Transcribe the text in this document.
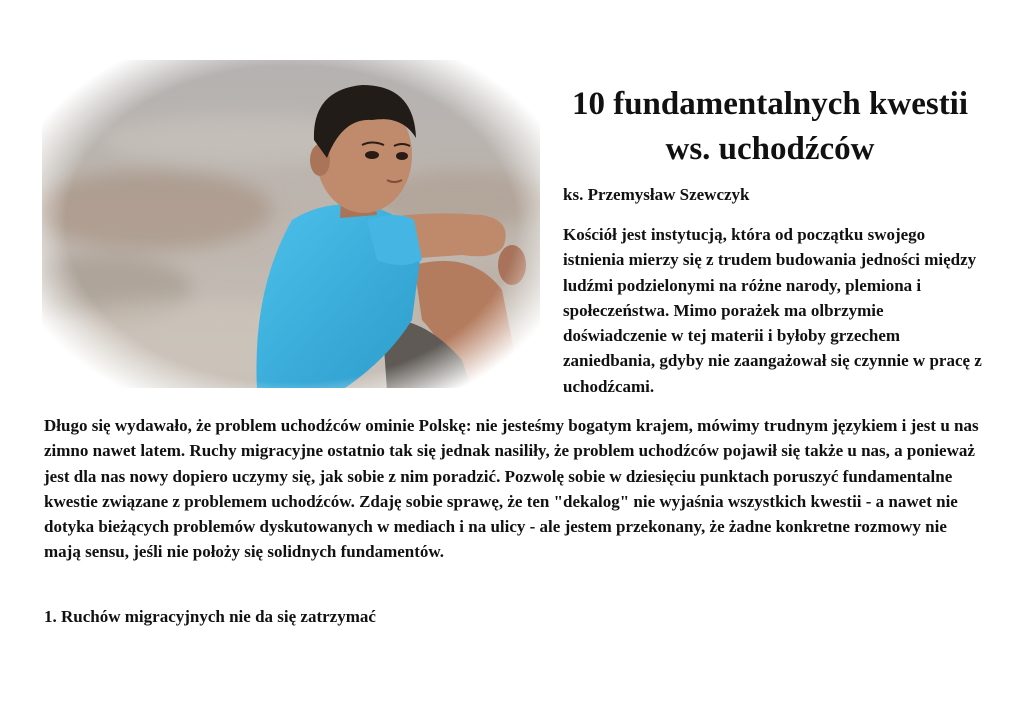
10 fundamentalnych kwestii ws. uchodźców

ks. Przemysław Szewczyk

Kościół jest instytucją, która od początku swojego istnienia mierzy się z trudem budowania jedności między ludźmi podzielonymi na różne narody, plemiona i społeczeństwa. Mimo porażek ma olbrzymie doświadczenie w tej materii i byłoby grzechem zaniedbania, gdyby nie zaangażował się czynnie w pracę z uchodźcami.

Długo się wydawało, że problem uchodźców ominie Polskę: nie jesteśmy bogatym krajem, mówimy trudnym językiem i jest u nas zimno nawet latem. Ruchy migracyjne ostatnio tak się jednak nasiliły, że problem uchodźców pojawił się także u nas, a ponieważ jest dla nas nowy dopiero uczymy się, jak sobie z nim poradzić. Pozwolę sobie w dziesięciu punktach poruszyć fundamentalne kwestie związane z problemem uchodźców. Zdaję sobie sprawę, że ten "dekalog" nie wyjaśnia wszystkich kwestii - a nawet nie dotyka bieżących problemów dyskutowanych w mediach i na ulicy - ale jestem przekonany, że żadne konkretne rozmowy nie mają sensu, jeśli nie położy się solidnych fundamentów.

1. Ruchów migracyjnych nie da się zatrzymać
